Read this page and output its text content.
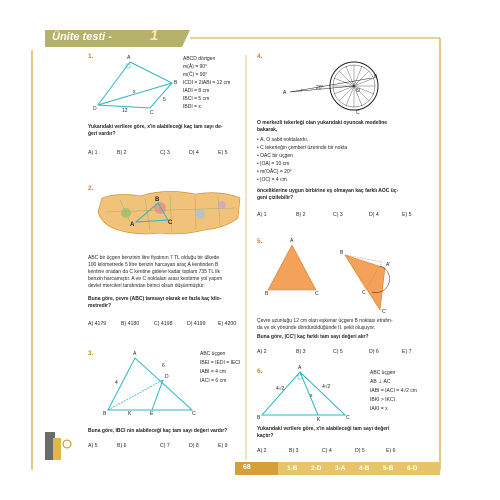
Ünite testi -	1
1.	A
B
C
D
x
5
12
ABCD dörtgen
m(Â) = 90°
m(Ĉ) = 90°
ICDI = 2IABI = 12 cm
IADI = 8 cm
IBCI = 5 cm
IBDI = x
Yukarıdaki verilere göre, x'in alabileceği kaç tam sayı de-
ğeri vardır?
A) 1	B) 2	C) 3	D) 4	E) 5
2.
A
B
C
ABC bir üçgen benzinin litre fiyatının 7 TL olduğu bir ülkede
100 kilometrede 5 litre benzin harcayan araç A kentinden B
kentine oradan da C kentine gidene kadar toplam 735 TL lik
benzin harcamıştır. A ve C noktaları arası kestirme yol yapım
devlet mercileri tarafından birinci olsun düşünmüştür.
Buna göre, çevre (ABC) tamsayı olarak en fazla kaç kilo-
metredir?
A) 4179	B) 4180	C) 4198	D) 4199 E) 4200
3.	A
B	C
D
E
K
4
6
ABC üçgen
IBEI = IEDI = IECI
IABI = 4 cm
IACI = 6 cm
Buna göre, IBCI nin alabileceği kaç tam sayı değeri vardır?
A) 5	B) 6	C) 7	D) 8	E) 9
4.
A	O
B
C
20°
O merkezli tekerleği olan yukarıdaki oyuncak modeline
bakarak,
• A, O sabit noktalardır,
• C tekerleğin çemberi üzerinde bir nokta
• OAC bir üçgen
• |OA| = 10 cm
• m(OÂC) = 20°
• |OC| = 4 cm
önceliklerine uygun birbirine eş olmayan kaç farklı AOC üç-
geni çizilebilir?
A) 1	B) 2	C) 3	D) 4	E) 5
5.	A
B	C
B
A'
C'
C
Çevre uzunluğu 12 cm olan eşkenar üçgeni B noktası etrafın-
da ve ok yönünde döndürüldüğünde II. şekli oluşuyor.
Buna göre, |CC'| kaç farklı tam sayı değeri alır?
A) 2	B) 3	C) 5	D) 6	E) 7
6.	A
B	C
K
x
4√2	4√2
ABC üçgen
AB ⊥ AC
IABI = IACI = 4√2 cm
IBKI > IKCI
IAKI = x
Yukarıdaki verilere göre, x'in alabileceği tam sayı değeri
kaçtır?
A) 2	B) 3	C) 4	D) 5	E) 6
68	1-B 2-D 3-A 4-B 5-B 6-D
